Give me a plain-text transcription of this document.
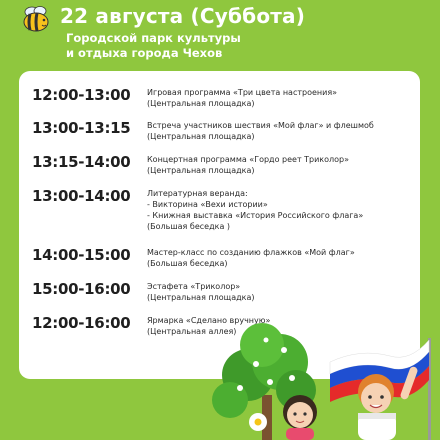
22 августа (Суббота)
Городской парк культуры
и отдыха города Чехов
12:00-13:00 Игровая программа «Три цвета настроения»
(Центральная площадка)
13:00-13:15 Встреча участников шествия «Мой флаг» и флешмоб
(Центральная площадка)
13:15-14:00 Концертная программа «Гордо реет Триколор»
(Центральная площадка)
13:00-14:00 Литературная веранда:
- Викторина «Вехи истории»
- Книжная выставка «История Российского флага»
(Большая беседка )
14:00-15:00 Мастер-класс по созданию флажков «Мой флаг»
(Большая беседка)
15:00-16:00 Эстафета «Триколор»
(Центральная площадка)
12:00-16:00 Ярмарка «Сделано вручную»
(Центральная аллея)
